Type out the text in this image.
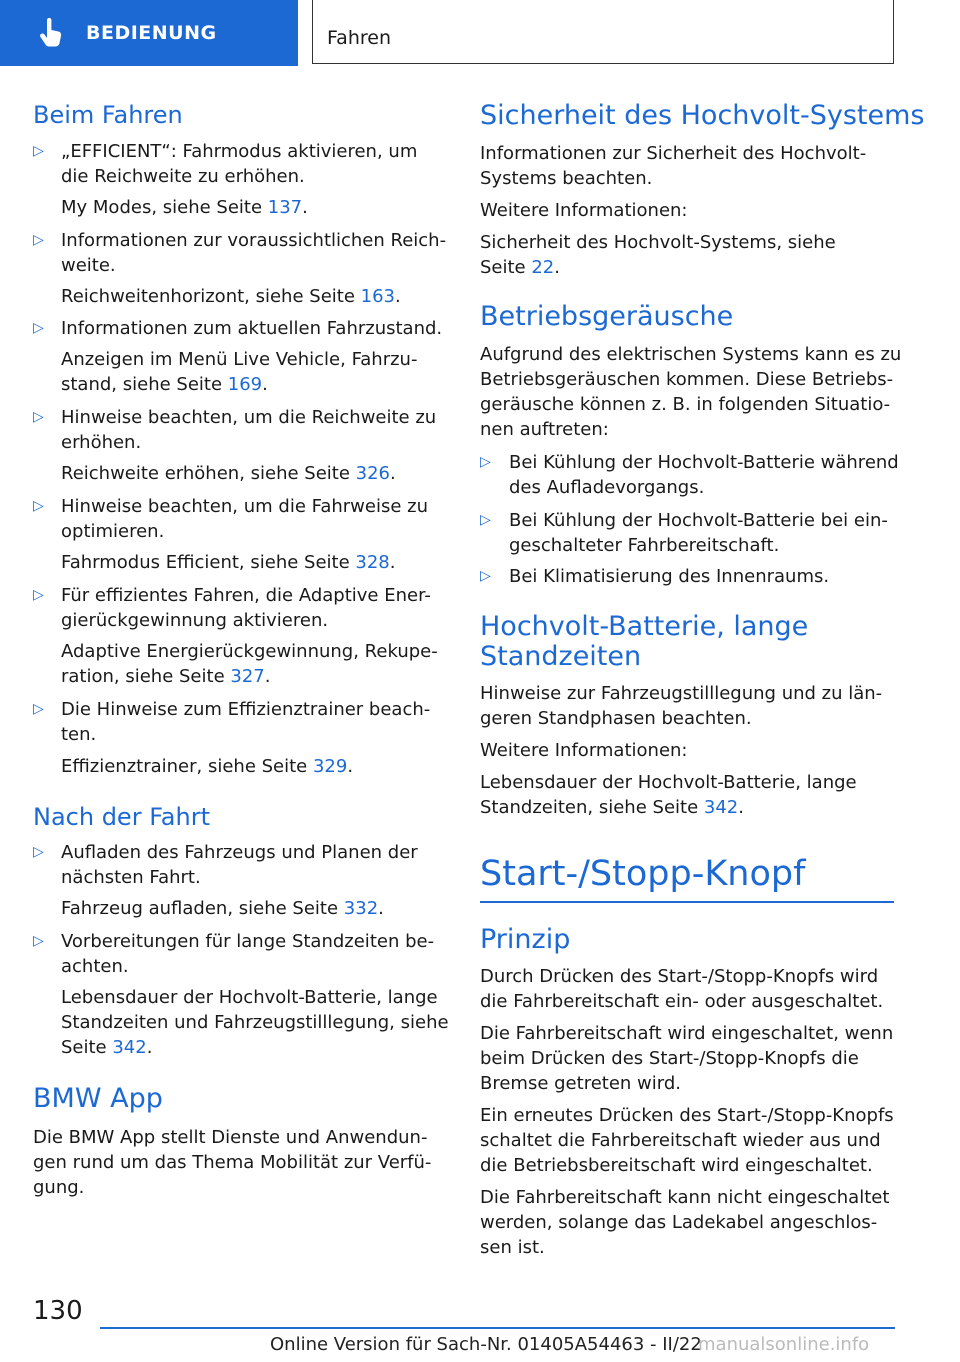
BEDIENUNG	Fahren
Beim Fahren
▷ „EFFICIENT“: Fahrmodus aktivieren, um
die Reichweite zu erhöhen.
My Modes, siehe Seite 137.
▷ Informationen zur voraussichtlichen Reich-
weite.
Reichweitenhorizont, siehe Seite 163.
▷ Informationen zum aktuellen Fahrzustand.
Anzeigen im Menü Live Vehicle, Fahrzu-
stand, siehe Seite 169.
▷ Hinweise beachten, um die Reichweite zu
erhöhen.
Reichweite erhöhen, siehe Seite 326.
▷ Hinweise beachten, um die Fahrweise zu
optimieren.
Fahrmodus Efficient, siehe Seite 328.
▷ Für effizientes Fahren, die Adaptive Ener-
gierückgewinnung aktivieren.
Adaptive Energierückgewinnung, Rekupe-
ration, siehe Seite 327.
▷ Die Hinweise zum Effizienztrainer beach-
ten.
Effizienztrainer, siehe Seite 329.
Nach der Fahrt
▷ Aufladen des Fahrzeugs und Planen der
nächsten Fahrt.
Fahrzeug aufladen, siehe Seite 332.
▷ Vorbereitungen für lange Standzeiten be-
achten.
Lebensdauer der Hochvolt-Batterie, lange
Standzeiten und Fahrzeugstilllegung, siehe
Seite 342.
BMW App
Die BMW App stellt Dienste und Anwendun-
gen rund um das Thema Mobilität zur Verfü-
gung.
Sicherheit des Hochvolt-Systems
Informationen zur Sicherheit des Hochvolt-
Systems beachten.
Weitere Informationen:
Sicherheit des Hochvolt-Systems, siehe
Seite 22.
Betriebsgeräusche
Aufgrund des elektrischen Systems kann es zu
Betriebsgeräuschen kommen. Diese Betriebs-
geräusche können z. B. in folgenden Situatio-
nen auftreten:
▷ Bei Kühlung der Hochvolt-Batterie während
des Aufladevorgangs.
▷ Bei Kühlung der Hochvolt-Batterie bei ein-
geschalteter Fahrbereitschaft.
▷ Bei Klimatisierung des Innenraums.
Hochvolt-Batterie, lange
Standzeiten
Hinweise zur Fahrzeugstilllegung und zu län-
geren Standphasen beachten.
Weitere Informationen:
Lebensdauer der Hochvolt-Batterie, lange
Standzeiten, siehe Seite 342.
Start-/Stopp-Knopf
Prinzip
Durch Drücken des Start-/Stopp-Knopfs wird
die Fahrbereitschaft ein- oder ausgeschaltet.
Die Fahrbereitschaft wird eingeschaltet, wenn
beim Drücken des Start-/Stopp-Knopfs die
Bremse getreten wird.
Ein erneutes Drücken des Start-/Stopp-Knopfs
schaltet die Fahrbereitschaft wieder aus und
die Betriebsbereitschaft wird eingeschaltet.
Die Fahrbereitschaft kann nicht eingeschaltet
werden, solange das Ladekabel angeschlos-
sen ist.
130
Online Version für Sach-Nr. 01405A54463 - II/22
manualsonline.info
